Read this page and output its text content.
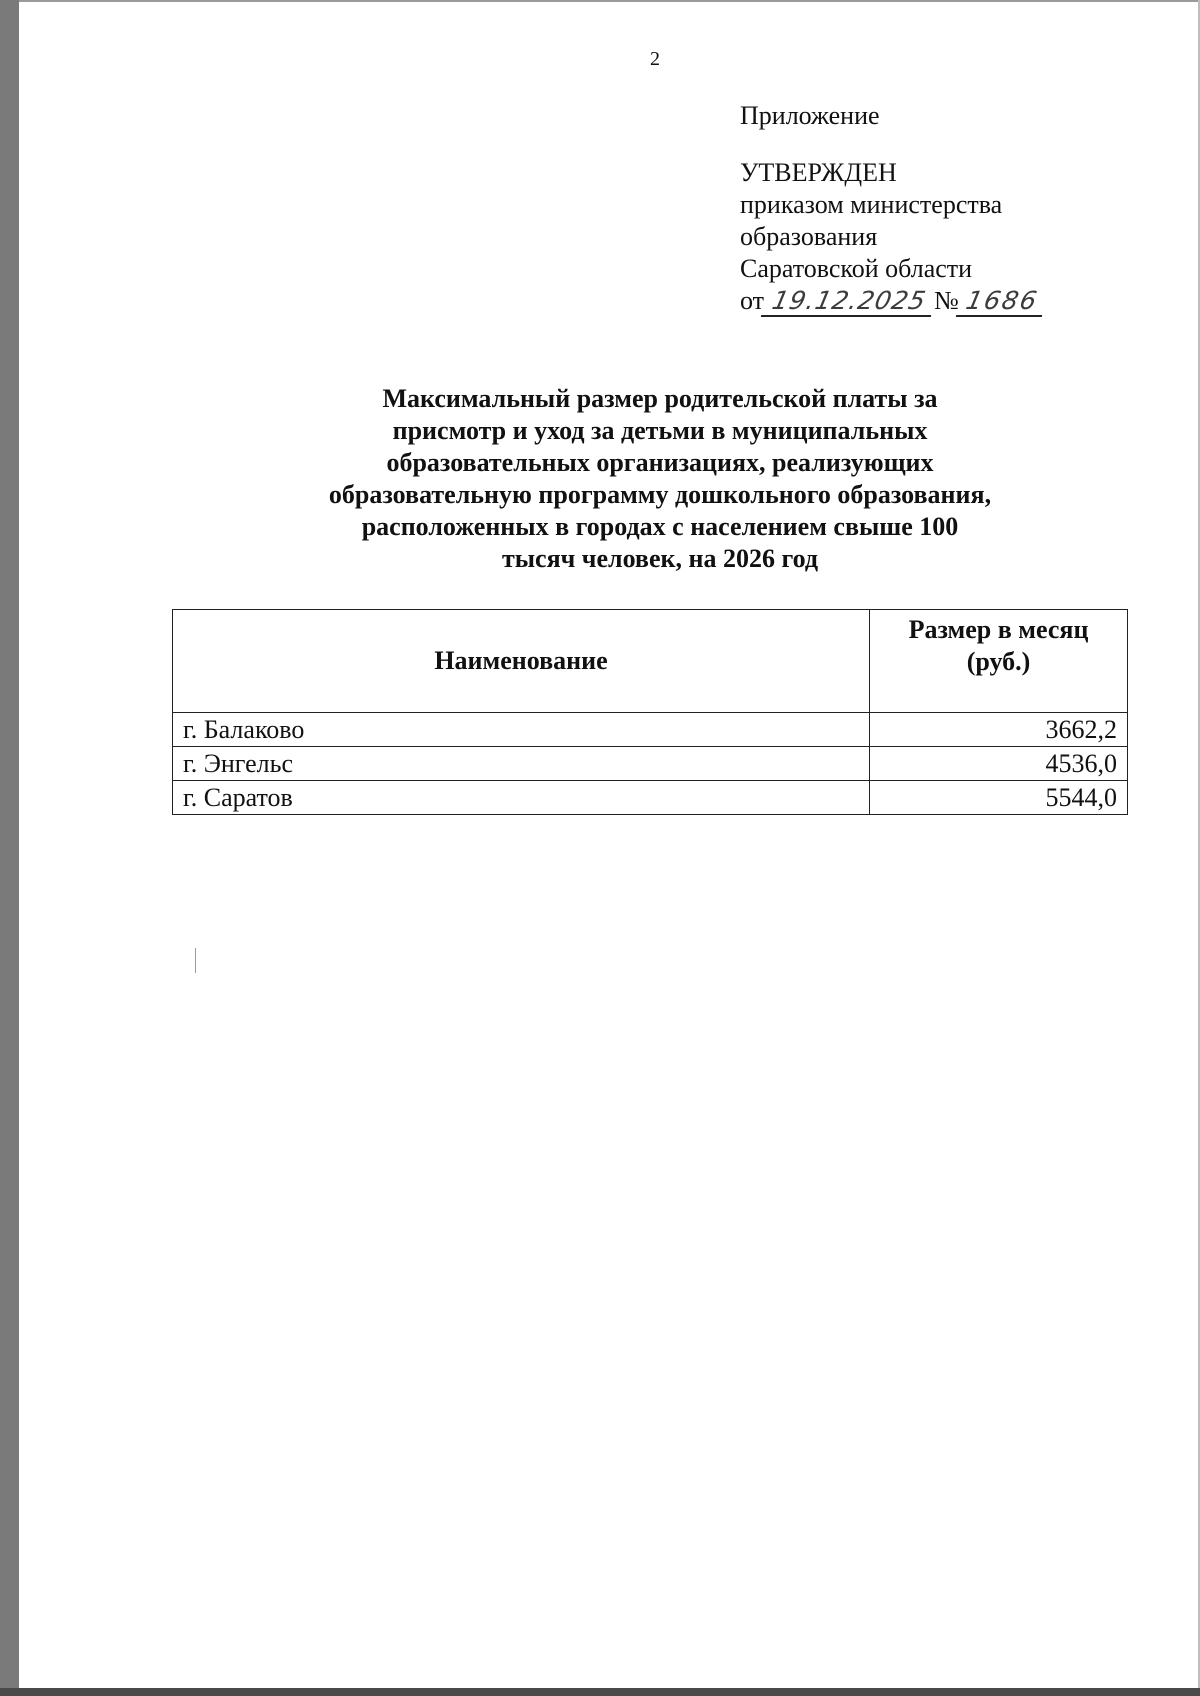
2
Приложение
УТВЕРЖДЕН
приказом министерства
образования
Саратовской области
от 19.12.2025 № 1686
Максимальный размер родительской платы за
присмотр и уход за детьми в муниципальных
образовательных организациях, реализующих
образовательную программу дошкольного образования,
расположенных в городах с населением свыше 100
тысяч человек, на 2026 год
Наименование	Размер в месяц
(руб.)
г. Балаково	3662,2
г. Энгельс	4536,0
г. Саратов	5544,0
